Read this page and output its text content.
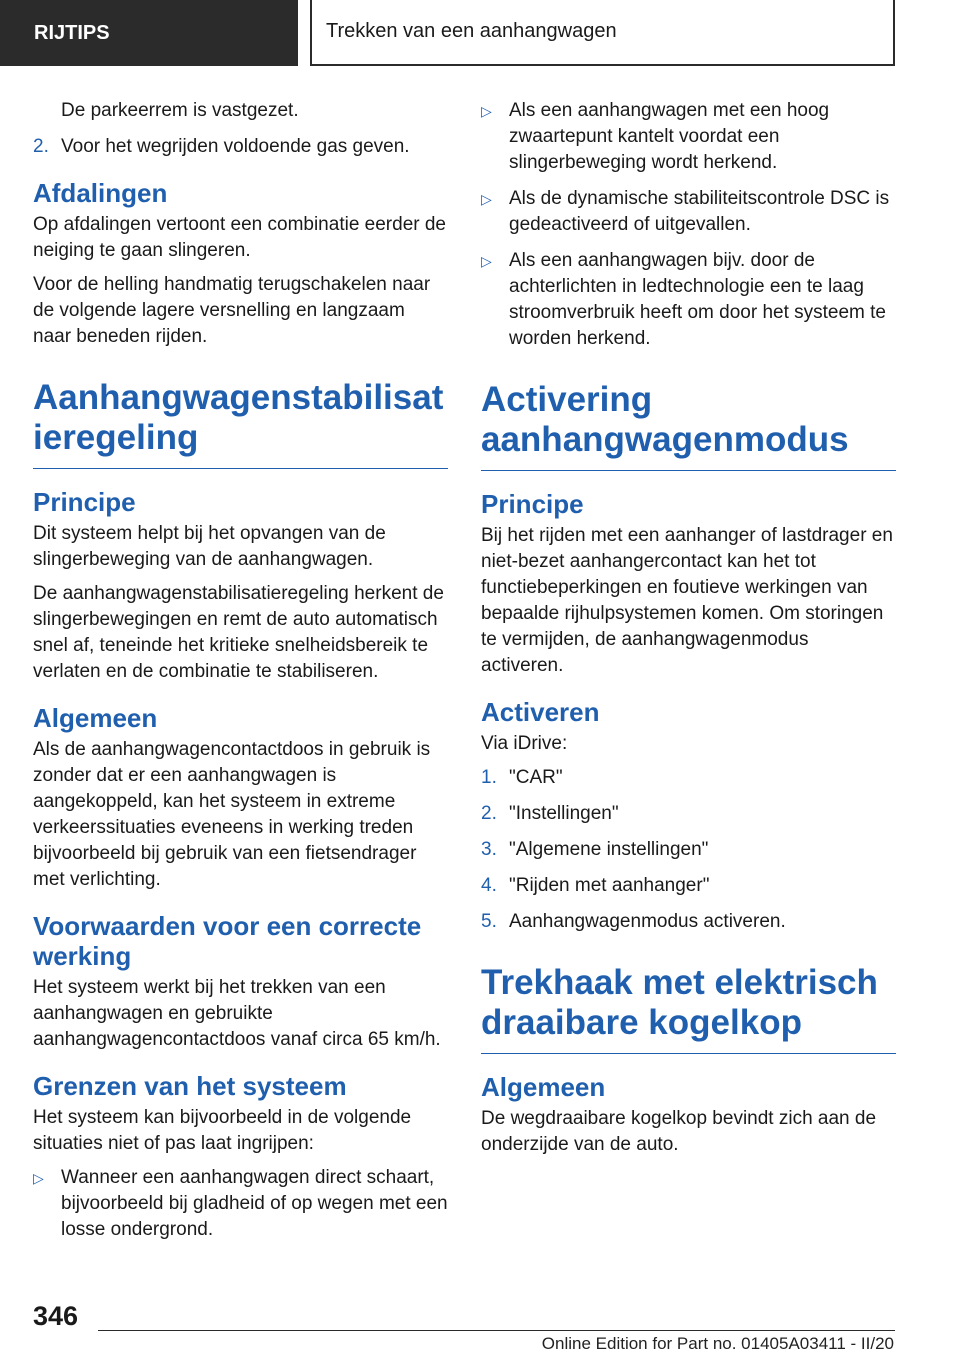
RIJTIPS	Trekken van een aanhangwagen
De parkeerrem is vastgezet.
2. Voor het wegrijden voldoende gas geven.
Afdalingen

Op afdalingen vertoont een combinatie eerder de neiging te gaan slingeren.

Voor de helling handmatig terugschakelen naar de volgende lagere versnelling en langzaam naar beneden rijden.

Aanhangwagenstabilisatieregeling
Principe

Dit systeem helpt bij het opvangen van de slingerbeweging van de aanhangwagen.

De aanhangwagenstabilisatieregeling herkent de slingerbewegingen en remt de auto automatisch snel af, teneinde het kritieke snelheidsbereik te verlaten en de combinatie te stabiliseren.

Algemeen

Als de aanhangwagencontactdoos in gebruik is zonder dat er een aanhangwagen is aangekoppeld, kan het systeem in extreme verkeerssituaties eveneens in werking treden bijvoorbeeld bij gebruik van een fietsendrager met verlichting.

Voorwaarden voor een correcte werking

Het systeem werkt bij het trekken van een aanhangwagen en gebruikte aanhangwagencontactdoos vanaf circa 65 km/h.

Grenzen van het systeem

Het systeem kan bijvoorbeeld in de volgende situaties niet of pas laat ingrijpen:

▷ Wanneer een aanhangwagen direct schaart, bijvoorbeeld bij gladheid of op wegen met een losse ondergrond.
▷ Als een aanhangwagen met een hoog zwaartepunt kantelt voordat een slingerbeweging wordt herkend.
▷ Als de dynamische stabiliteitscontrole DSC is gedeactiveerd of uitgevallen.
▷ Als een aanhangwagen bijv. door de achterlichten in ledtechnologie een te laag stroomverbruik heeft om door het systeem te worden herkend.
Activering aanhangwagenmodus
Principe

Bij het rijden met een aanhanger of lastdrager en niet-bezet aanhangercontact kan het tot functiebeperkingen en foutieve werkingen van bepaalde rijhulpsystemen komen. Om storingen te vermijden, de aanhangwagenmodus activeren.

Activeren

Via iDrive:

1. "CAR"
2. "Instellingen"
3. "Algemene instellingen"
4. "Rijden met aanhanger"
5. Aanhangwagenmodus activeren.
Trekhaak met elektrisch draaibare kogelkop
Algemeen

De wegdraaibare kogelkop bevindt zich aan de onderzijde van de auto.

346
Online Edition for Part no. 01405A03411 - II/20
